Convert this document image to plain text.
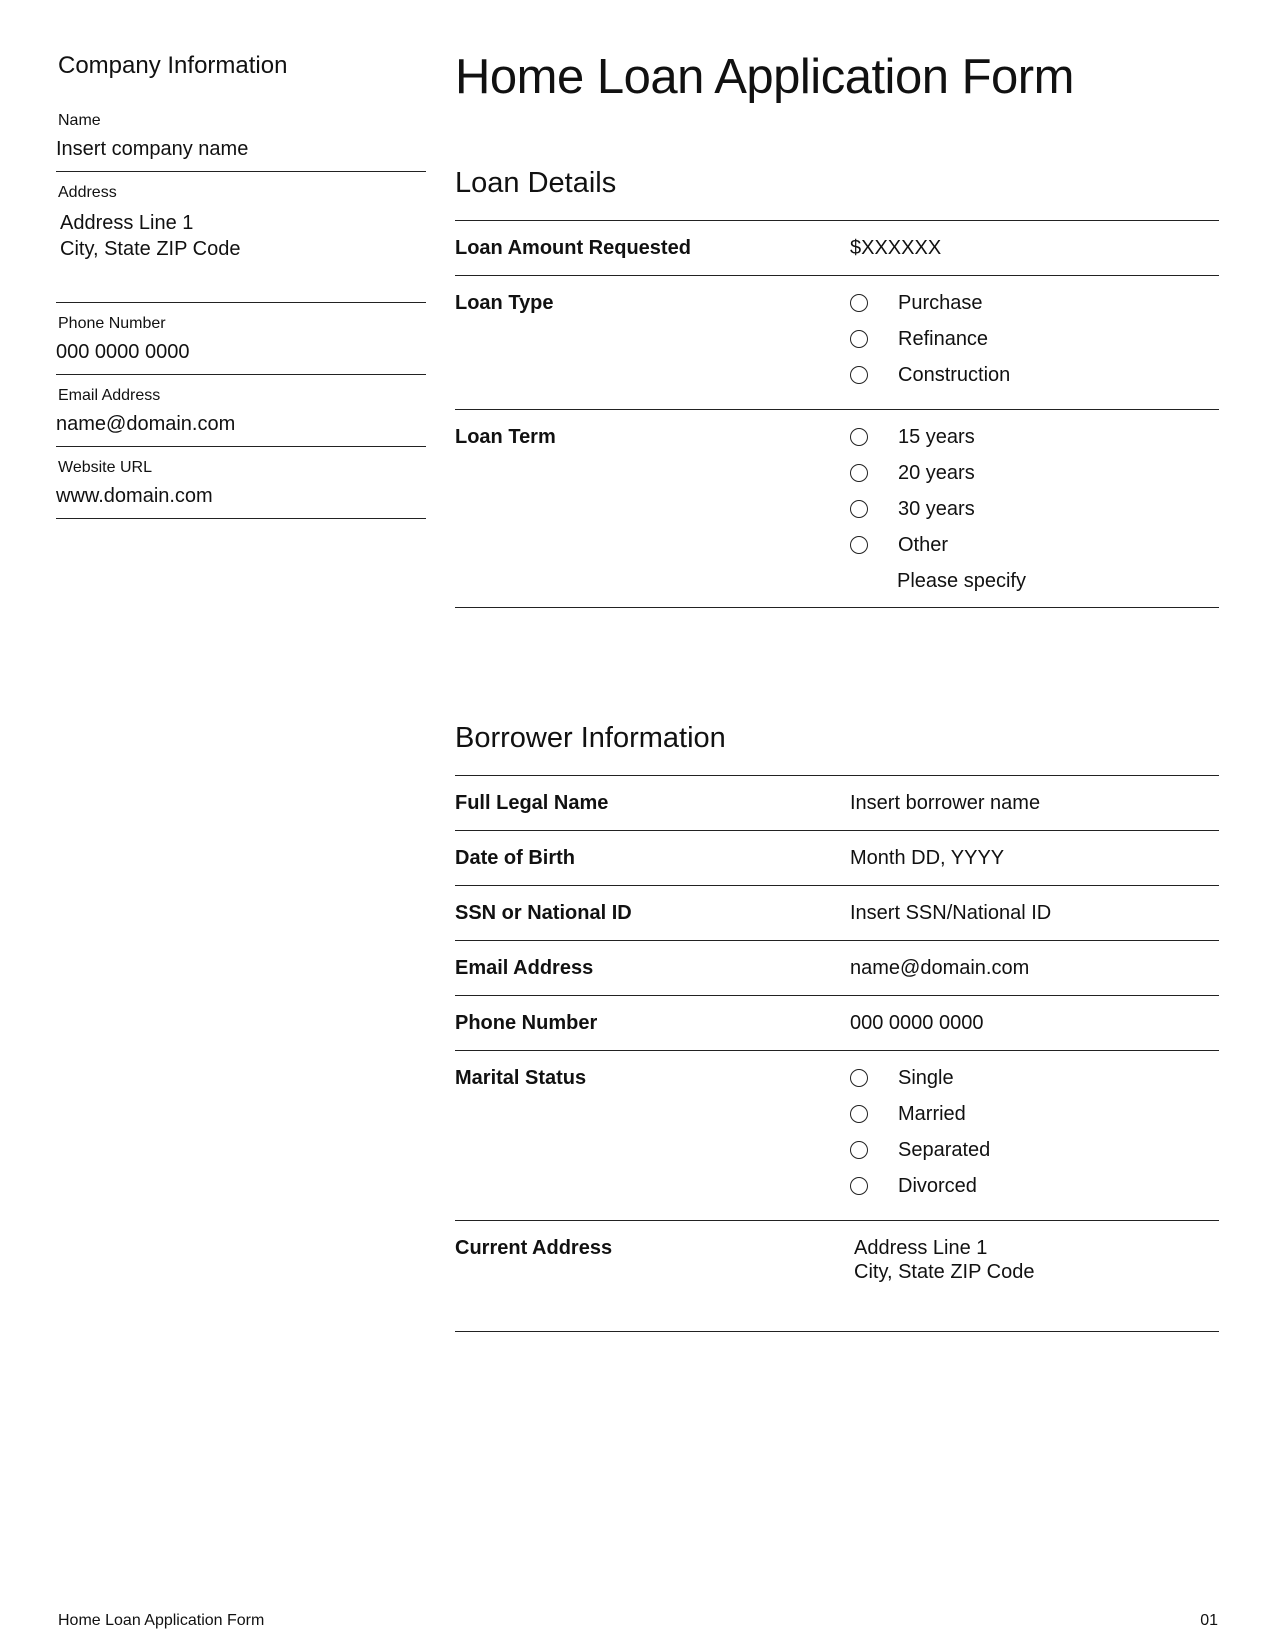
Company Information
Name
Insert company name
Address
Address Line 1
City, State ZIP Code
Phone Number
000 0000 0000
Email Address
name@domain.com
Website URL
www.domain.com
Home Loan Application Form
Loan Details
Loan Amount Requested	$XXXXXX
Loan Type	Purchase
Refinance
Construction
Loan Term	15 years
20 years
30 years
Other
Please specify
Borrower Information
Full Legal Name	Insert borrower name
Date of Birth	Month DD, YYYY
SSN or National ID	Insert SSN/National ID
Email Address	name@domain.com
Phone Number	000 0000 0000
Marital Status	Single
Married
Separated
Divorced
Current Address	Address Line 1
City, State ZIP Code
Home Loan Application Form	01
